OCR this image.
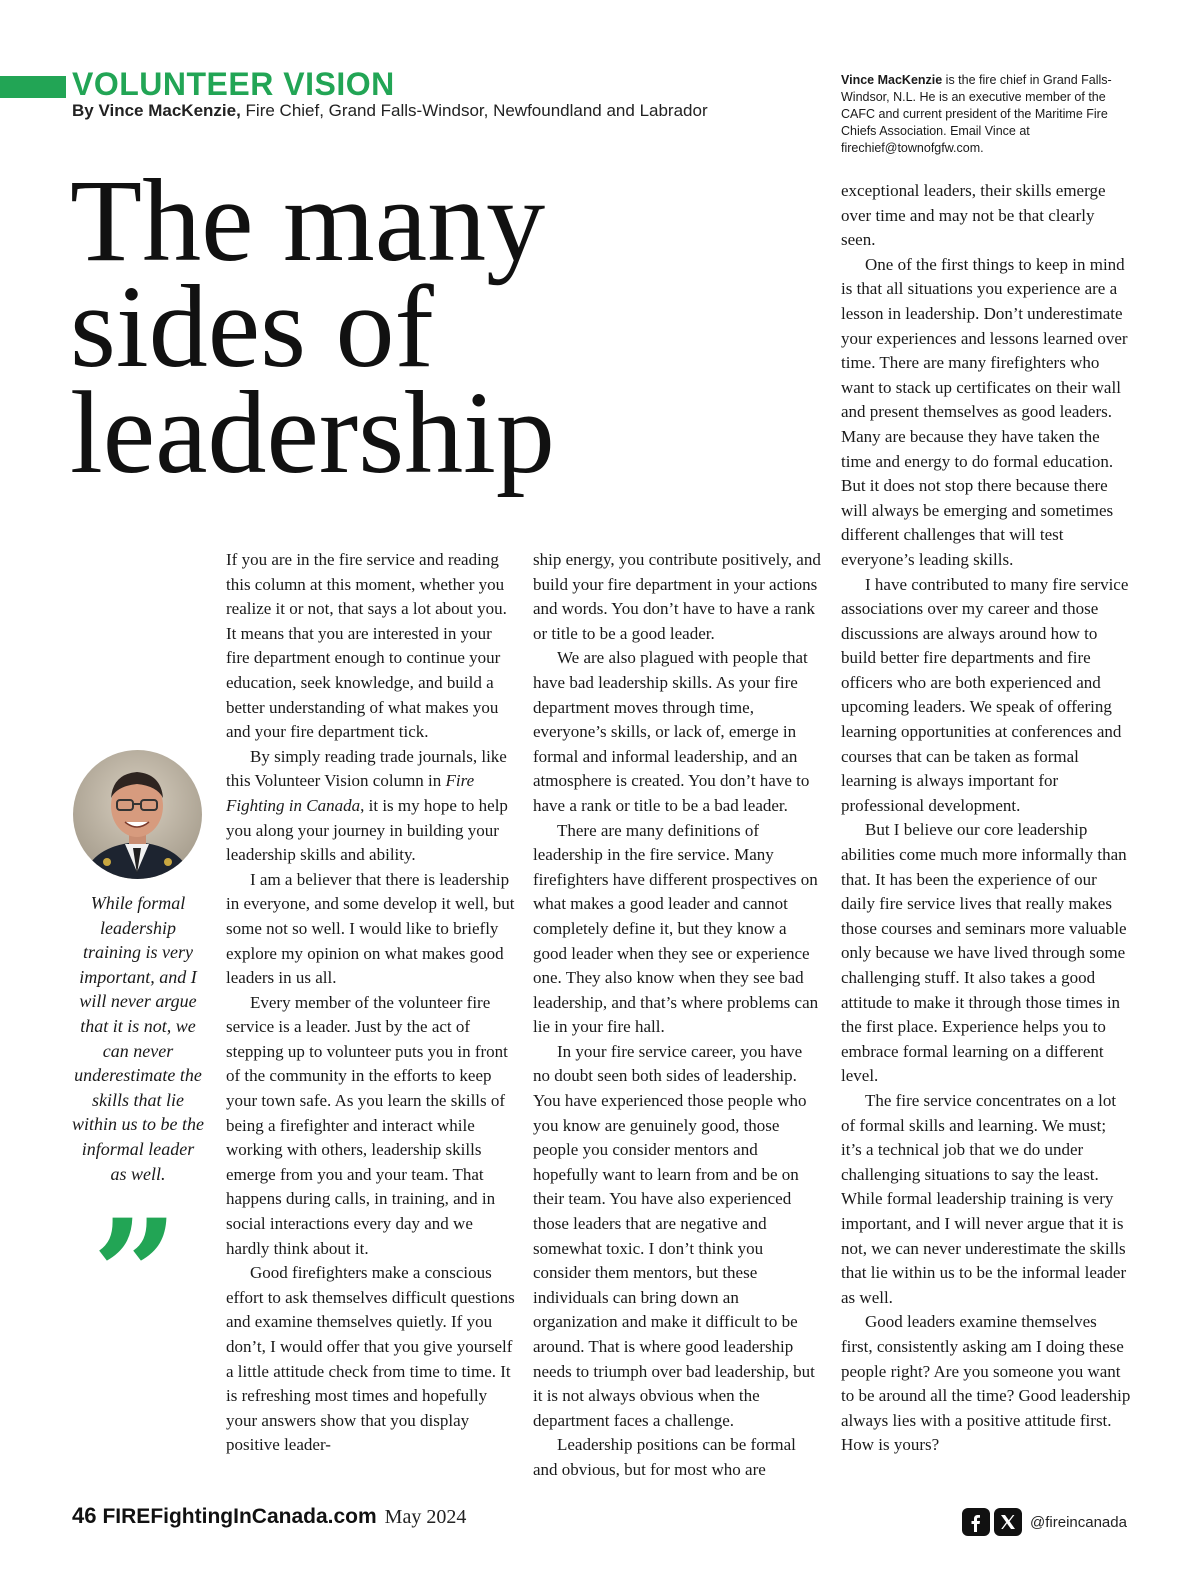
VOLUNTEER VISION
By Vince MacKenzie, Fire Chief, Grand Falls-Windsor, Newfoundland and Labrador
Vince MacKenzie is the fire chief in Grand Falls-Windsor, N.L. He is an executive member of the CAFC and current president of the Maritime Fire Chiefs Association. Email Vince at firechief@townofgfw.com.
The many
sides of
leadership

While formal leadership training is very important, and I will never argue that it is not, we can never underestimate the skills that lie within us to be the informal leader as well.

”

If you are in the fire service and reading this column at this moment, whether you realize it or not, that says a lot about you. It means that you are interested in your fire department enough to continue your education, seek knowledge, and build a better understanding of what makes you and your fire department tick.

By simply reading trade journals, like this Volunteer Vision column in Fire Fighting in Canada, it is my hope to help you along your journey in building your leadership skills and ability.

I am a believer that there is leadership in everyone, and some develop it well, but some not so well. I would like to briefly explore my opinion on what makes good leaders in us all.

Every member of the volunteer fire service is a leader. Just by the act of stepping up to volunteer puts you in front of the community in the efforts to keep your town safe. As you learn the skills of being a firefighter and interact while working with others, leadership skills emerge from you and your team. That happens during calls, in training, and in social interactions every day and we hardly think about it.

Good firefighters make a conscious effort to ask themselves difficult questions and examine themselves quietly. If you don’t, I would offer that you give yourself a little attitude check from time to time. It is refreshing most times and hopefully your answers show that you display positive leader-

ship energy, you contribute positively, and build your fire department in your actions and words. You don’t have to have a rank or title to be a good leader.

We are also plagued with people that have bad leadership skills. As your fire department moves through time, everyone’s skills, or lack of, emerge in formal and informal leadership, and an atmosphere is created. You don’t have to have a rank or title to be a bad leader.

There are many definitions of leadership in the fire service. Many firefighters have different prospectives on what makes a good leader and cannot completely define it, but they know a good leader when they see or experience one. They also know when they see bad leadership, and that’s where problems can lie in your fire hall.

In your fire service career, you have no doubt seen both sides of leadership. You have experienced those people who you know are genuinely good, those people you consider mentors and hopefully want to learn from and be on their team. You have also experienced those leaders that are negative and somewhat toxic. I don’t think you consider them mentors, but these individuals can bring down an organization and make it difficult to be around. That is where good leadership needs to triumph over bad leadership, but it is not always obvious when the department faces a challenge.

Leadership positions can be formal and obvious, but for most who are

exceptional leaders, their skills emerge over time and may not be that clearly seen.

One of the first things to keep in mind is that all situations you experience are a lesson in leadership. Don’t underestimate your experiences and lessons learned over time. There are many firefighters who want to stack up certificates on their wall and present themselves as good leaders. Many are because they have taken the time and energy to do formal education. But it does not stop there because there will always be emerging and sometimes different challenges that will test everyone’s leading skills.

I have contributed to many fire service associations over my career and those discussions are always around how to build better fire departments and fire officers who are both experienced and upcoming leaders. We speak of offering learning opportunities at conferences and courses that can be taken as formal learning is always important for professional development.

But I believe our core leadership abilities come much more informally than that. It has been the experience of our daily fire service lives that really makes those courses and seminars more valuable only because we have lived through some challenging stuff. It also takes a good attitude to make it through those times in the first place. Experience helps you to embrace formal learning on a different level.

The fire service concentrates on a lot of formal skills and learning. We must; it’s a technical job that we do under challenging situations to say the least. While formal leadership training is very important, and I will never argue that it is not, we can never underestimate the skills that lie within us to be the informal leader as well.

Good leaders examine themselves first, consistently asking am I doing these people right? Are you someone you want to be around all the time? Good leadership always lies with a positive attitude first. How is yours?

46 FIREFightingInCanada.com May 2024	@fireincanada
